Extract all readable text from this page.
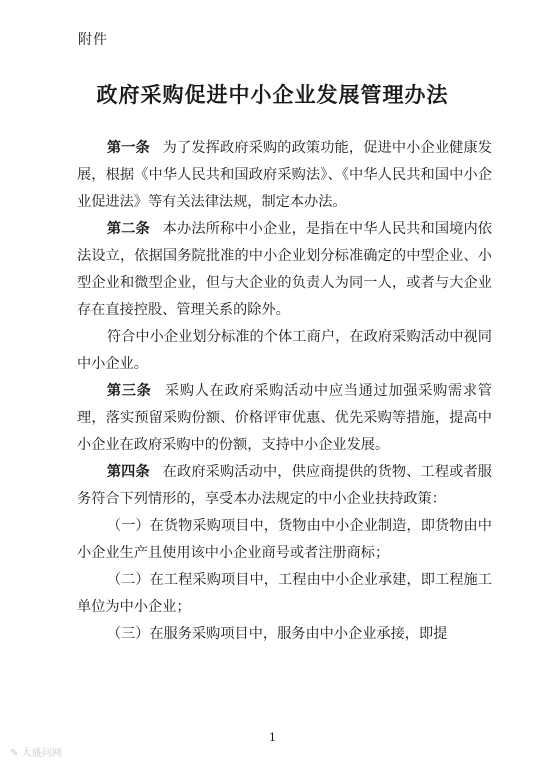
附件
政府采购促进中小企业发展管理办法

第一条 为了发挥政府采购的政策功能，促进中小企业健康发展，根据《中华人民共和国政府采购法》、《中华人民共和国中小企业促进法》等有关法律法规，制定本办法。

第二条 本办法所称中小企业，是指在中华人民共和国境内依法设立，依据国务院批准的中小企业划分标准确定的中型企业、小型企业和微型企业，但与大企业的负责人为同一人，或者与大企业存在直接控股、管理关系的除外。

符合中小企业划分标准的个体工商户，在政府采购活动中视同中小企业。

第三条 采购人在政府采购活动中应当通过加强采购需求管理，落实预留采购份额、价格评审优惠、优先采购等措施，提高中小企业在政府采购中的份额，支持中小企业发展。

第四条 在政府采购活动中，供应商提供的货物、工程或者服务符合下列情形的，享受本办法规定的中小企业扶持政策：

（一）在货物采购项目中，货物由中小企业制造，即货物由中小企业生产且使用该中小企业商号或者注册商标；

（二）在工程采购项目中，工程由中小企业承建，即工程施工单位为中小企业；

（三）在服务采购项目中，服务由中小企业承接，即提

1
✎ 大盛问网
